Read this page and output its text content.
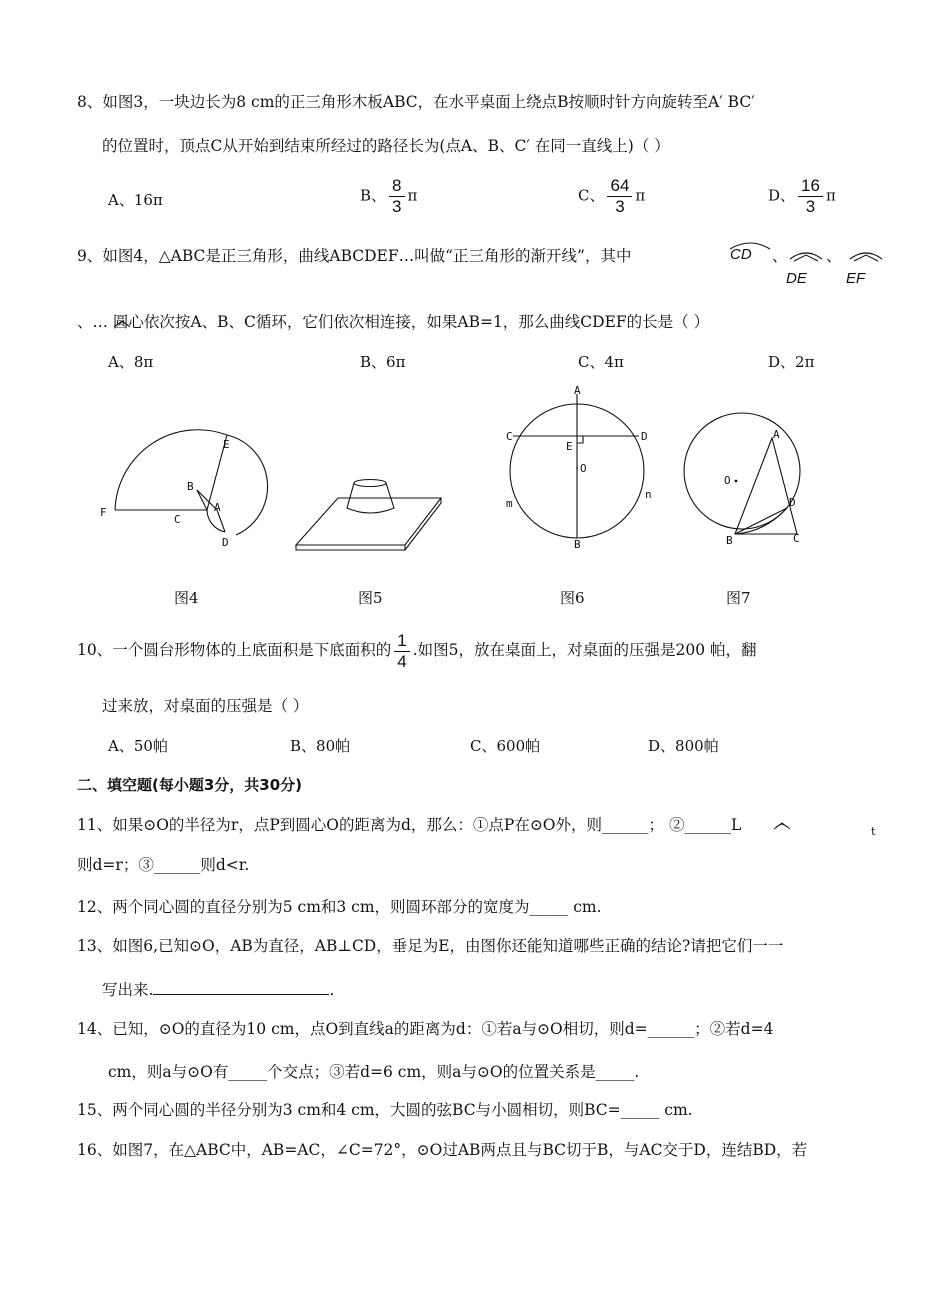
8、如图3，一块边长为8 cm的正三角形木板ABC，在水平桌面上绕点B按顺时针方向旋转至A′ BC′
的位置时，顶点C从开始到结束所经过的路径长为(点A、B、C′ 在同一直线上)（ ）
A、16π	B、 $\frac{8}{3}$ π	C、 $\frac{64}{3}$ π	D、 $\frac{16}{3}$ π
9、如图4，△ABC是正三角形，曲线ABCDEF…叫做“正三角形的渐开线”，其中	CD 、
DE
、
EF
、… 圆心依次按A、B、C循环，它们依次相连接，如果AB=1，那么曲线CDEF的长是（ ）
A、8π	B、6π	C、4π	D、2π
E
B
A
F
C
D
A
C	D
E
O
m
n
B
A
O
D
B	C
图4	图5	图6	图7
10、一个圆台形物体的上底面积是下底面积的 $\frac{1}{4}$ .如图5，放在桌面上，对桌面的压强是200 帕，翻
过来放，对桌面的压强是（ ）
A、50帕	B、80帕	C、600帕	D、800帕
二、填空题(每小题3分，共30分)
11、如果⊙O的半径为r，点P到圆心O的距离为d，那么：①点P在⊙O外，则______； ②______L	t
则d=r；③______则d<r.
12、两个同心圆的直径分别为5 cm和3 cm，则圆环部分的宽度为_____ cm.
13、如图6,已知⊙O，AB为直径，AB⊥CD，垂足为E，由图你还能知道哪些正确的结论?请把它们一一
写出来.	.
14、已知，⊙O的直径为10 cm，点O到直线a的距离为d：①若a与⊙O相切，则d=______；②若d=4
cm，则a与⊙O有_____个交点；③若d=6 cm，则a与⊙O的位置关系是_____.
15、两个同心圆的半径分别为3 cm和4 cm，大圆的弦BC与小圆相切，则BC=_____ cm.
16、如图7，在△ABC中，AB=AC，∠C=72°，⊙O过AB两点且与BC切于B，与AC交于D，连结BD，若
